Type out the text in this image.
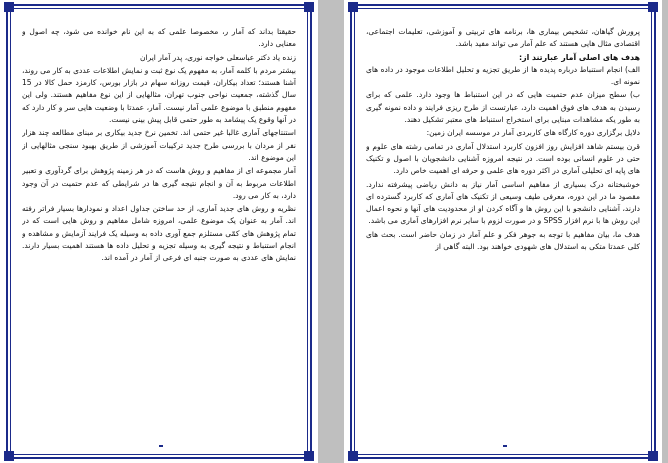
حقیقتا بداند که آمار ر، مخصوصا علمی که به این نام خوانده می شود، چه اصول و معنایی دارد.

زنده یاد دکتر عباسعلی خواجه نوری، پدر آمار ایران

بیشتر مردم با کلمه آمار، به مفهوم یک نوع ثبت و نمایش اطلاعات عددی به کار می روند، آشنا هستند؛ تعداد بیکاران، قیمت روزانه سهام در بازار بورس، کارمزد حمل کالا در 15 سال گذشته، جمعیت نواحی جنوب تهران، مثالهایی از این نوع مفاهیم هستند. ولی این مفهوم منطبق با موضوع علمی آمار نیست. آمار، عمدتا با وضعیت هایی سر و کار دارد که در آنها وقوع یک پیشامد به طور حتمی قابل پیش بینی نیست.

استنتاجهای آماری غالبا غیر حتمی اند. تخمین نرخ جدید بیکاری بر مبنای مطالعه چند هزار نفر از مردان با بررسی طرح جدید ترکیبات آموزشی از طریق بهبود سنجی مثالهایی از این موضوع اند.

آمار مجموعه ای از مفاهیم و روش هاست که در هر زمینه پژوهش برای گردآوری و تعبیر اطلاعات مربوط به آن و انجام نتیجه گیری ها در شرایطی که عدم حتمیت در آن وجود دارد، به کار می رود.

نظریه و روش های جدید آماری، از حد ساختن جداول اعداد و نمودارها بسیار فراتر رفته اند. آمار به عنوان یک موضوع علمی، امروزه شامل مفاهیم و روش هایی است که در تمام پژوهش های کمّی مستلزم جمع آوری داده به وسیله یک فرایند آزمایش و مشاهده و انجام استنباط و نتیجه گیری به وسیله تجزیه و تحلیل داده ها هستند اهمیت بسیار دارند. نمایش های عددی به صورت جنبه ای فرعی از آمار در آمده اند.

پرورش گیاهان، تشخیص بیماری ها، برنامه های تربیتی و آموزشی، تعلیمات اجتماعی، اقتصادی مثال هایی هستند که علم آمار می تواند مفید باشد.

هدف های اصلی آمار عبارتند از:

الف) انجام استنباط درباره پدیده ها از طریق تجزیه و تحلیل اطلاعات موجود در داده های نمونه ای.

ب) سطح میزان عدم حتمیت هایی که در این استنباط ها وجود دارد. علمی که برای رسیدن به هدف های فوق اهمیت دارد، عبارتست از طرح ریزی فرایند و داده نمونه گیری به طور یکه مشاهدات مبنایی برای استخراج استنباط های معتبر تشکیل دهند.

دلایل برگزاری دوره کارگاه های کاربردی آمار در موسسه ایران زمین:

قرن بیستم شاهد افزایش روز افزون کاربرد استدلال آماری در تمامی رشته های علوم و حتی در علوم انسانی بوده است. در نتیجه امروزه آشنایی دانشجویان با اصول و تکنیک های پایه ای تحلیلی آماری در اکثر دوره های علمی و حرفه ای اهمیت خاص دارد.

خوشبختانه درک بسیاری از مفاهیم اساسی آمار نیاز به دانش ریاضی پیشرفته ندارد. مقصود ما در این دوره، معرفی طیف وسیعی از تکنیک های آماری که کاربرد گسترده ای دارند، آشنایی دانشجو با این روش ها و آگاه کردن او از محدودیت های آنها و نحوه اعمال این روش ها با نرم افزار SPSS و در صورت لزوم با سایر نرم افزارهای آماری می باشد.

هدف ما، بیان مفاهیم با توجه به جوهر فکر و علم آمار در زمان حاضر است. بحث های کلی عمدتا متکی به استدلال های شهودی خواهند بود. البته گاهی از
